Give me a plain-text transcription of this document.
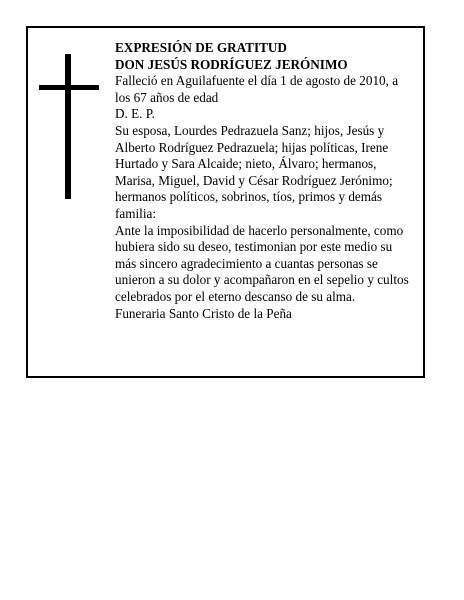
EXPRESIÓN DE GRATITUD

DON JESÚS RODRÍGUEZ JERÓNIMO

Falleció en Aguilafuente el día 1 de agosto de 2010, a los 67 años de edad

D. E. P.

Su esposa, Lourdes Pedrazuela Sanz; hijos, Jesús y Alberto Rodríguez Pedrazuela; hijas políticas, Irene Hurtado y Sara Alcaide; nieto, Álvaro; hermanos, Marisa, Miguel, David y César Rodríguez Jerónimo; hermanos políticos, sobrinos, tíos, primos y demás familia:

Ante la imposibilidad de hacerlo personalmente, como hubiera sido su deseo, testimonian por este medio su más sincero agradecimiento a cuantas personas se unieron a su dolor y acompañaron en el sepelio y cultos celebrados por el eterno descanso de su alma.

Funeraria Santo Cristo de la Peña
